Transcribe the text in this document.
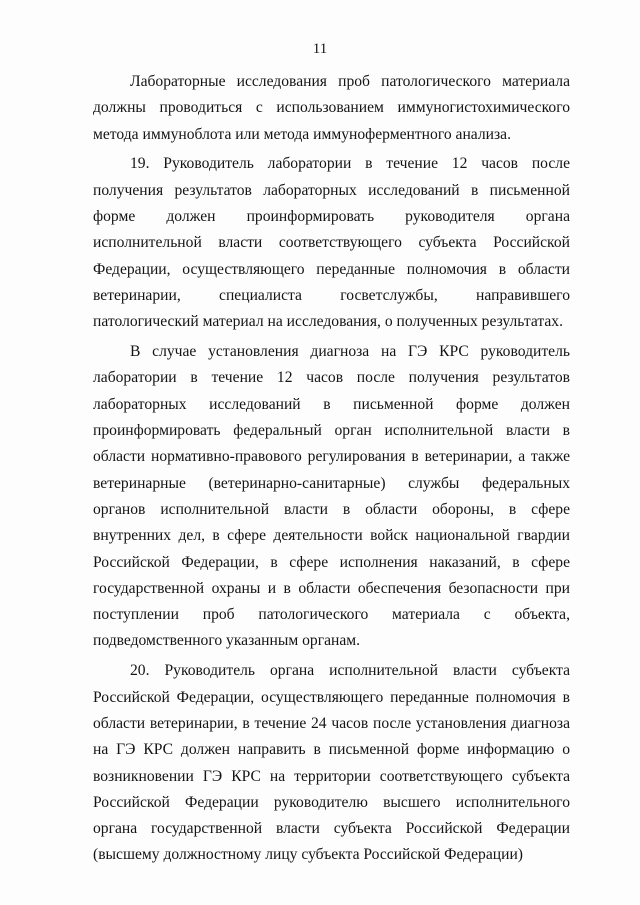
11

Лабораторные исследования проб патологического материала должны проводиться с использованием иммуногистохимического метода иммуноблота или метода иммуноферментного анализа.

19. Руководитель лаборатории в течение 12 часов после получения результатов лабораторных исследований в письменной форме должен проинформировать руководителя органа исполнительной власти соответствующего субъекта Российской Федерации, осуществляющего переданные полномочия в области ветеринарии, специалиста госветслужбы, направившего патологический материал на исследования, о полученных результатах.

В случае установления диагноза на ГЭ КРС руководитель лаборатории в течение 12 часов после получения результатов лабораторных исследований в письменной форме должен проинформировать федеральный орган исполнительной власти в области нормативно-правового регулирования в ветеринарии, а также ветеринарные (ветеринарно-санитарные) службы федеральных органов исполнительной власти в области обороны, в сфере внутренних дел, в сфере деятельности войск национальной гвардии Российской Федерации, в сфере исполнения наказаний, в сфере государственной охраны и в области обеспечения безопасности при поступлении проб патологического материала с объекта, подведомственного указанным органам.

20. Руководитель органа исполнительной власти субъекта Российской Федерации, осуществляющего переданные полномочия в области ветеринарии, в течение 24 часов после установления диагноза на ГЭ КРС должен направить в письменной форме информацию о возникновении ГЭ КРС на территории соответствующего субъекта Российской Федерации руководителю высшего исполнительного органа государственной власти субъекта Российской Федерации (высшему должностному лицу субъекта Российской Федерации)
